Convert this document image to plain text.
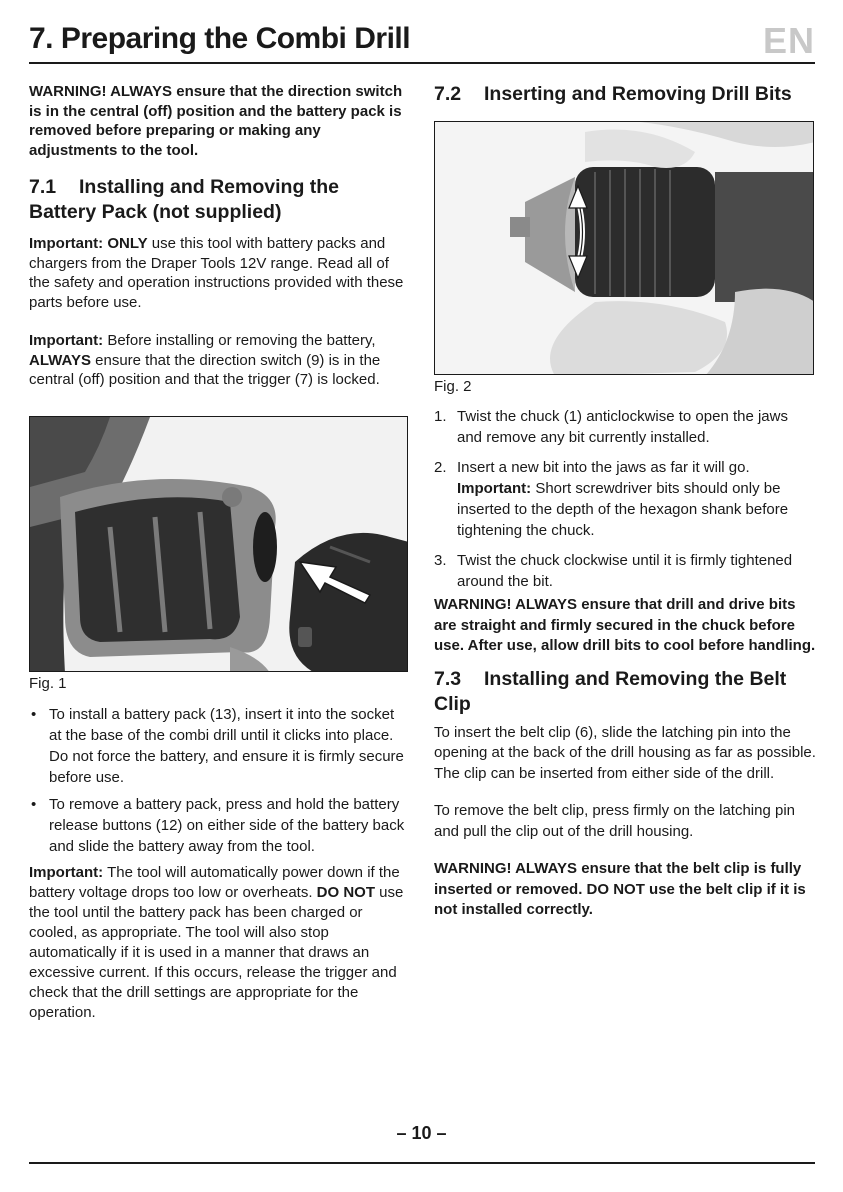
7. Preparing the Combi Drill	EN

WARNING! ALWAYS ensure that the direction switch is in the central (off) position and the battery pack is removed before preparing or making any adjustments to the tool.

7.1 Installing and Removing the Battery Pack (not supplied)

Important: ONLY use this tool with battery packs and chargers from the Draper Tools 12V range. Read all of the safety and operation instructions provided with these parts before use.

Important: Before installing or removing the battery, ALWAYS ensure that the direction switch (9) is in the central (off) position and that the trigger (7) is locked.

Fig. 1
• To install a battery pack (13), insert it into the socket at the base of the combi drill until it clicks into place. Do not force the battery, and ensure it is firmly secure before use.
• To remove a battery pack, press and hold the battery release buttons (12) on either side of the battery back and slide the battery away from the tool.

Important: The tool will automatically power down if the battery voltage drops too low or overheats. DO NOT use the tool until the battery pack has been charged or cooled, as appropriate. The tool will also stop automatically if it is used in a manner that draws an excessive current. If this occurs, release the trigger and check that the drill settings are appropriate for the operation.

7.2 Inserting and Removing Drill Bits
Fig. 2
1. Twist the chuck (1) anticlockwise to open the jaws and remove any bit currently installed.
2. Insert a new bit into the jaws as far it will go.
Important: Short screwdriver bits should only be inserted to the depth of the hexagon shank before tightening the chuck.
3. Twist the chuck clockwise until it is firmly tightened around the bit.

WARNING! ALWAYS ensure that drill and drive bits are straight and firmly secured in the chuck before use. After use, allow drill bits to cool before handling.

7.3 Installing and Removing the Belt Clip

To insert the belt clip (6), slide the latching pin into the opening at the back of the drill housing as far as possible. The clip can be inserted from either side of the drill.

To remove the belt clip, press firmly on the latching pin and pull the clip out of the drill housing.

WARNING! ALWAYS ensure that the belt clip is fully inserted or removed. DO NOT use the belt clip if it is not installed correctly.

– 10 –
